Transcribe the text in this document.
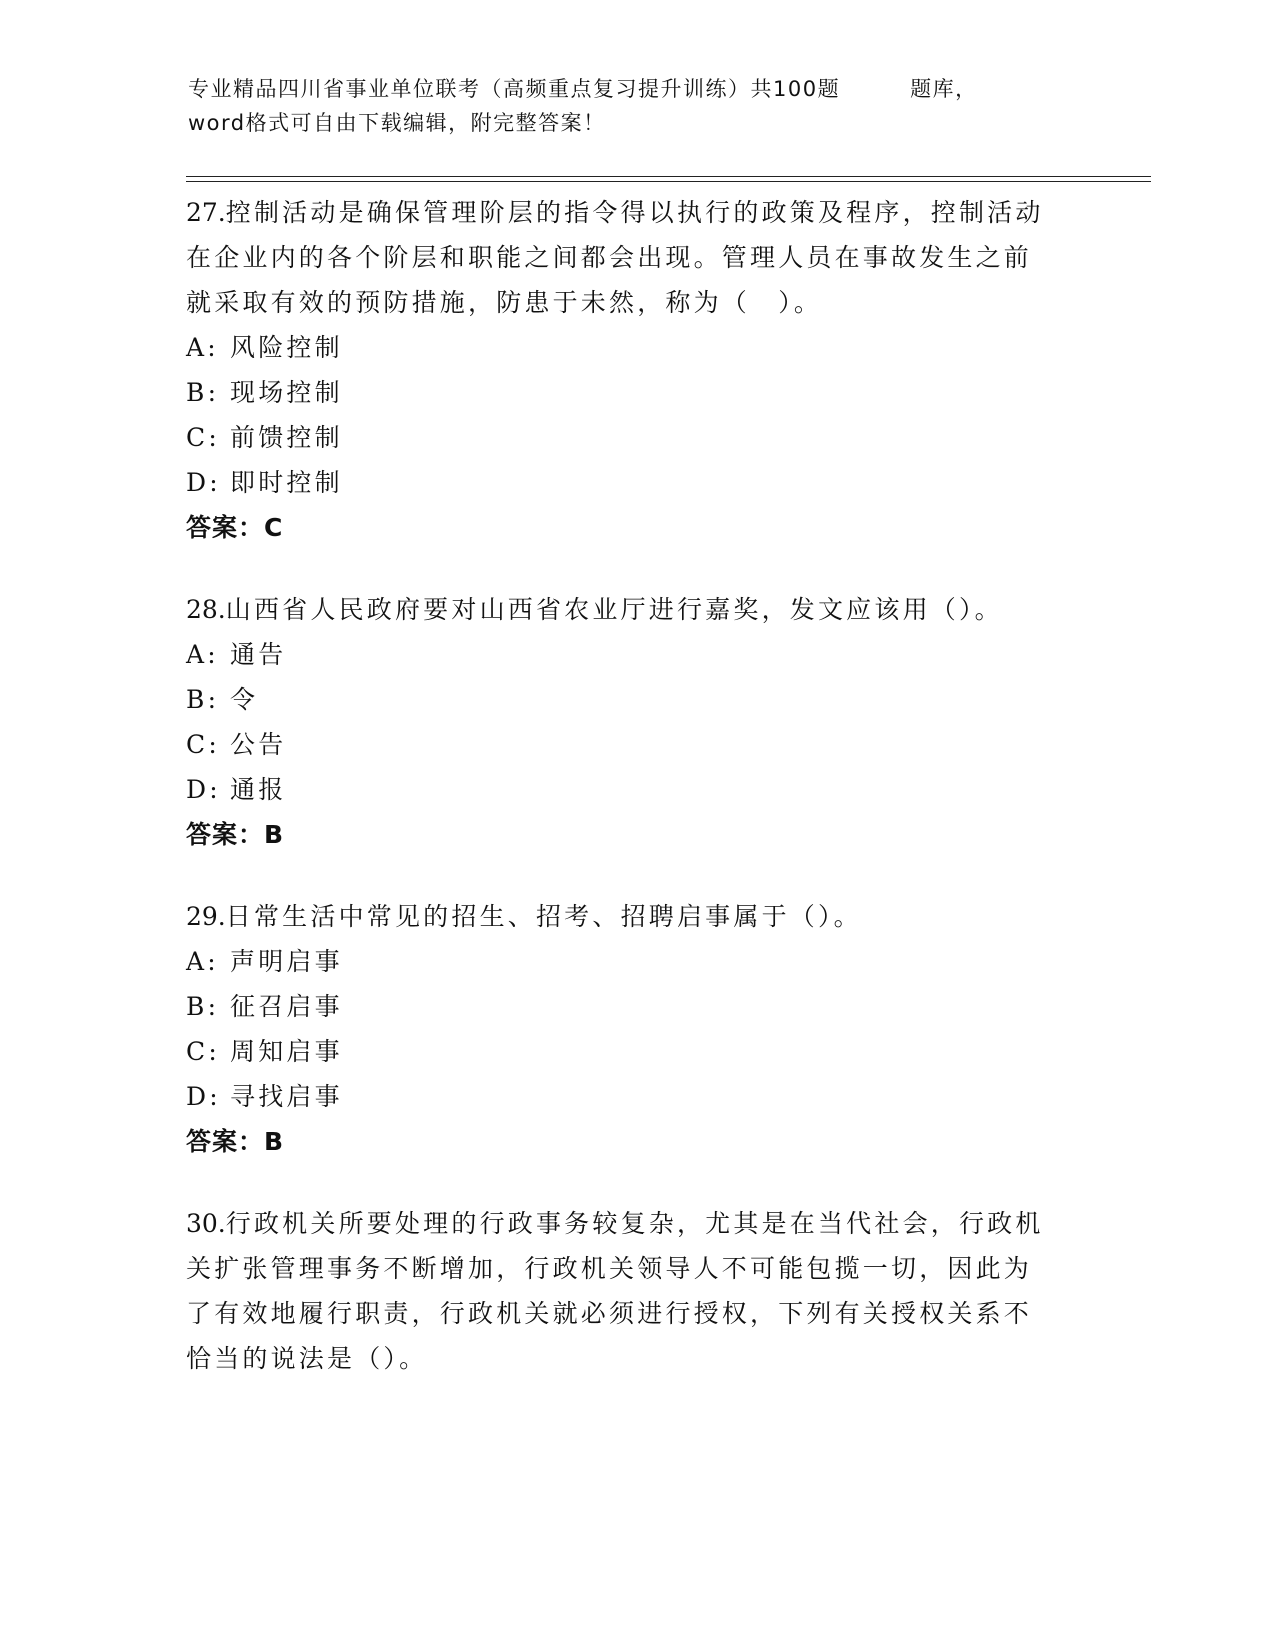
专业精品四川省事业单位联考（高频重点复习提升训练）共100题	题库，
word格式可自由下载编辑，附完整答案！
27.控制活动是确保管理阶层的指令得以执行的政策及程序，控制活动
在企业内的各个阶层和职能之间都会出现。管理人员在事故发生之前
就采取有效的预防措施，防患于未然，称为（　）。
A: 风险控制
B: 现场控制
C: 前馈控制
D: 即时控制
答案：C
28.山西省人民政府要对山西省农业厅进行嘉奖，发文应该用（）。
A: 通告
B: 令
C: 公告
D: 通报
答案：B
29.日常生活中常见的招生、招考、招聘启事属于（）。
A: 声明启事
B: 征召启事
C: 周知启事
D: 寻找启事
答案：B
30.行政机关所要处理的行政事务较复杂，尤其是在当代社会，行政机
关扩张管理事务不断增加，行政机关领导人不可能包揽一切，因此为
了有效地履行职责，行政机关就必须进行授权，下列有关授权关系不
恰当的说法是（）。
